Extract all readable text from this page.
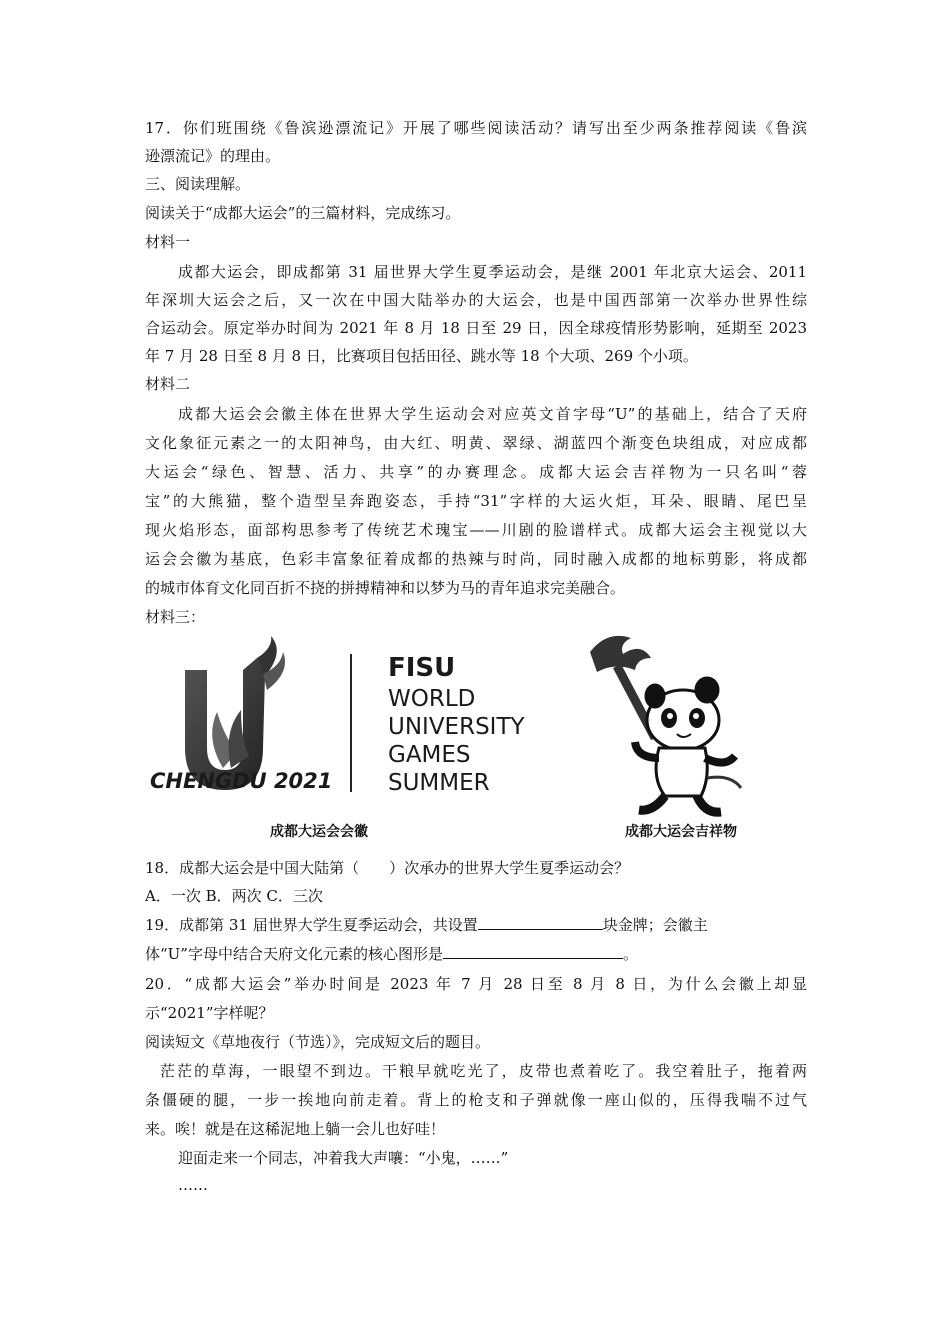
17．你们班围绕《鲁滨逊漂流记》开展了哪些阅读活动？请写出至少两条推荐阅读《鲁滨
逊漂流记》的理由。
三、阅读理解。
阅读关于“成都大运会”的三篇材料，完成练习。
材料一
成都大运会，即成都第 31 届世界大学生夏季运动会，是继 2001 年北京大运会、2011
年深圳大运会之后，又一次在中国大陆举办的大运会，也是中国西部第一次举办世界性综
合运动会。原定举办时间为 2021 年 8 月 18 日至 29 日，因全球疫情形势影响，延期至 2023
年 7 月 28 日至 8 月 8 日，比赛项目包括田径、跳水等 18 个大项、269 个小项。
材料二
成都大运会会徽主体在世界大学生运动会对应英文首字母“U”的基础上，结合了天府
文化象征元素之一的太阳神鸟，由大红、明黄、翠绿、湖蓝四个渐变色块组成，对应成都
大运会“绿色、智慧、活力、共享”的办赛理念。成都大运会吉祥物为一只名叫“蓉
宝”的大熊猫，整个造型呈奔跑姿态，手持“31”字样的大运火炬，耳朵、眼睛、尾巴呈
现火焰形态，面部构思参考了传统艺术瑰宝——川剧的脸谱样式。成都大运会主视觉以大
运会会徽为基底，色彩丰富象征着成都的热辣与时尚，同时融入成都的地标剪影，将成都
的城市体育文化同百折不挠的拼搏精神和以梦为马的青年追求完美融合。
材料三：
CHENGDU 2021
FISU
WORLD
UNIVERSITY
GAMES
SUMMER
成都大运会会徽	成都大运会吉祥物
18．成都大运会是中国大陆第（　　）次承办的世界大学生夏季运动会？
A．一次 B．两次 C．三次
19．成都第 31 届世界大学生夏季运动会，共设置	块金牌；会徽主
体“U”字母中结合天府文化元素的核心图形是	。
20．“成都大运会”举办时间是 2023 年 7 月 28 日至 8 月 8 日，为什么会徽上却显
示“2021”字样呢？
阅读短文《草地夜行（节选）》，完成短文后的题目。
茫茫的草海，一眼望不到边。干粮早就吃光了，皮带也煮着吃了。我空着肚子，拖着两
条僵硬的腿，一步一挨地向前走着。背上的枪支和子弹就像一座山似的，压得我喘不过气
来。唉！就是在这稀泥地上躺一会儿也好哇！
迎面走来一个同志，冲着我大声嚷：“小鬼，……”
……
